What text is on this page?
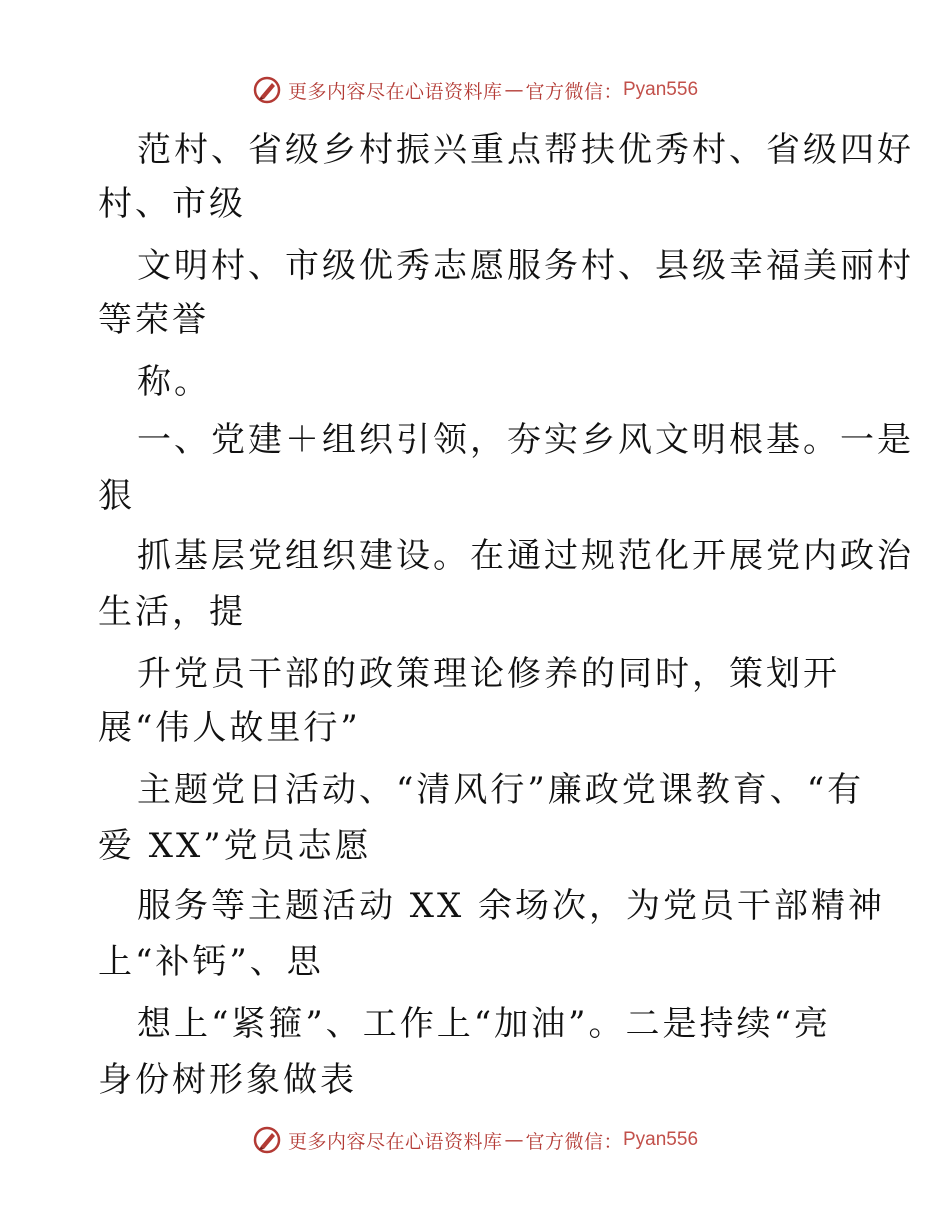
更多内容尽在心语资料库 — 官方微信： Pyan556
范村、省级乡村振兴重点帮扶优秀村、省级四好
村、市级
文明村、市级优秀志愿服务村、县级幸福美丽村
等荣誉
称。
一、党建＋组织引领，夯实乡风文明根基。一是
狠
抓基层党组织建设。在通过规范化开展党内政治
生活，提
升党员干部的政策理论修养的同时，策划开
展“伟人故里行”
主题党日活动、“清风行”廉政党课教育、“有
爱 XX”党员志愿
服务等主题活动 XX 余场次，为党员干部精神
上“补钙”、思
想上“紧箍”、工作上“加油”。二是持续“亮
身份树形象做表
更多内容尽在心语资料库 — 官方微信： Pyan556
